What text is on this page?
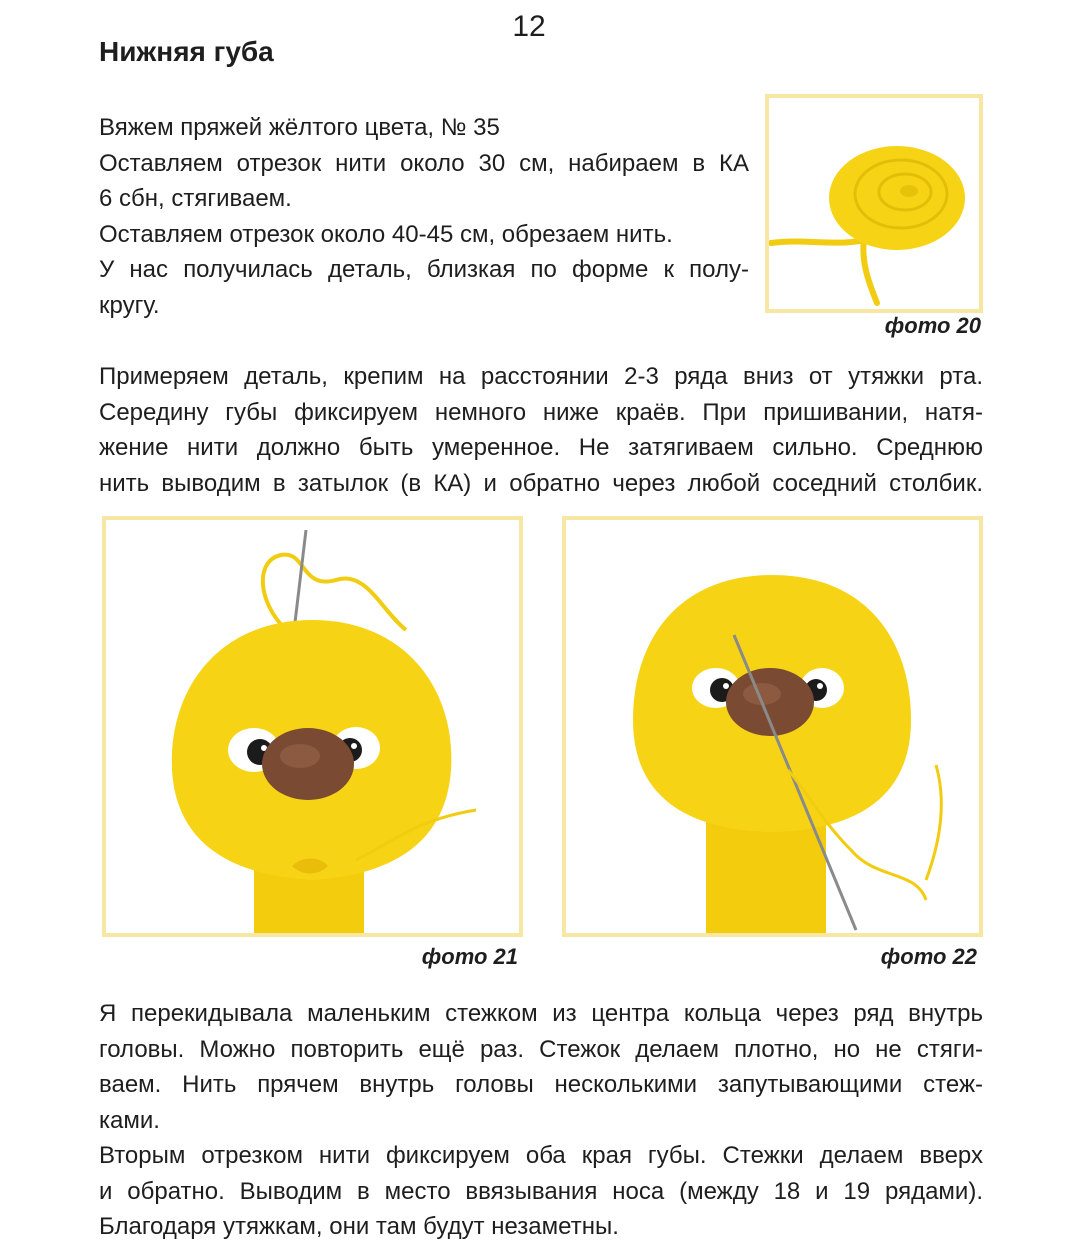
12
Нижняя губа
Вяжем пряжей жёлтого цвета, № 35
Оставляем отрезок нити около 30 см, набираем в КА
6 сбн, стягиваем.
Оставляем отрезок около 40-45 см, обрезаем нить.
У нас получилась деталь, близкая по форме к полу-
кругу.
фото 20
Примеряем деталь, крепим на расстоянии 2-3 ряда вниз от утяжки рта.
Середину губы фиксируем немного ниже краёв. При пришивании, натя-
жение нити должно быть умеренное. Не затягиваем сильно. Среднюю
нить выводим в затылок (в КА) и обратно через любой соседний столбик.
фото 21	фото 22
Я перекидывала маленьким стежком из центра кольца через ряд внутрь
головы. Можно повторить ещё раз. Стежок делаем плотно, но не стяги-
ваем. Нить прячем внутрь головы несколькими запутывающими стеж-
ками.
Вторым отрезком нити фиксируем оба края губы. Стежки делаем вверх
и обратно. Выводим в место ввязывания носа (между 18 и 19 рядами).
Благодаря утяжкам, они там будут незаметны.
